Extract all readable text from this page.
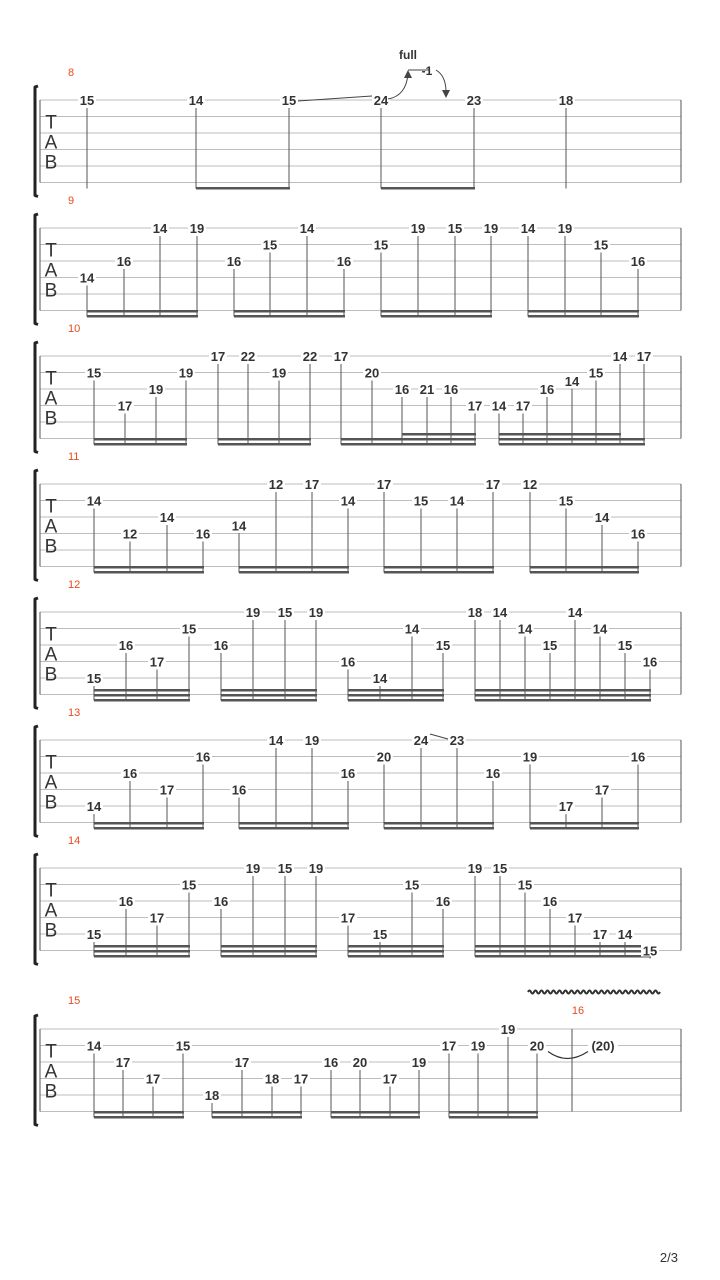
T
A
B
8
15	14	15	24	23	18
T
A
B
9
14
16
14 19
16
15
14
16
15
19 15 19 14 19
15
16
T
A
B
10
15
17
19
19
17 22
19
22 17
20
16 21 16
17 14 17
16
14
15
14 17
T
A
B
11
14
12
14
16
14
12 17
14
17
15 14
17 12
15
14
16
T
A
B
12
15
16
17
15
16
19 15 19
16
14
14
15
18 14
14
15
14
14
15
16
T
A
B
13
14
16
17
16
16
14 19
16
20
24 23
16
19
17
17
16
T
A
B
14
15
16
17
15
16
19 15 19
17
15
15
16
19 15
15
16
17
17 14
15
T
A
B
15
14
17
17
15
18
17
18 17
16 20
17
19
17 19
19
20
full
-1
16
(20)
2/3
